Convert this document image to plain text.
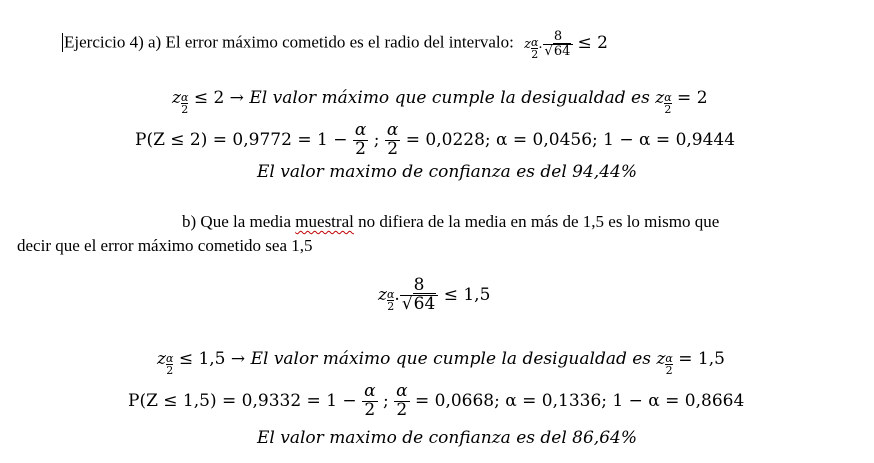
Ejercicio 4) a) El error máximo cometido es el radio del intervalo: z $\frac{\alpha}{2}$ . $\frac{8}{√64} \le 2$
z $\frac{\alpha}{2} \le 2 \to El$ valor máximo que cumple la desigualdad es z $\frac{\alpha}{2} = 2$
$P(Z \le 2) = 0,9772 = 1 - \frac{\alpha}{2}$ ; $\frac{\alpha}{2} = 0,0228$; α = 0,0456; 1 − α = 0,9444
El valor maximo de confianza es del 94,44%
b) Que la media muestral no difiera de la media en más de 1,5 es lo mismo que
decir que el error máximo cometido sea 1,5
z $\frac{\alpha}{2}$ . $\frac{8}{√64} \le 1,5$
z $\frac{\alpha}{2} \le 1,5 \to El$ valor máximo que cumple la desigualdad es z $\frac{\alpha}{2} = 1,5$
$P(Z \le 1,5) = 0,9332 = 1 - \frac{\alpha}{2}$ ; $\frac{\alpha}{2} = 0,0668$; α = 0,1336; 1 − α = 0,8664
El valor maximo de confianza es del 86,64%
